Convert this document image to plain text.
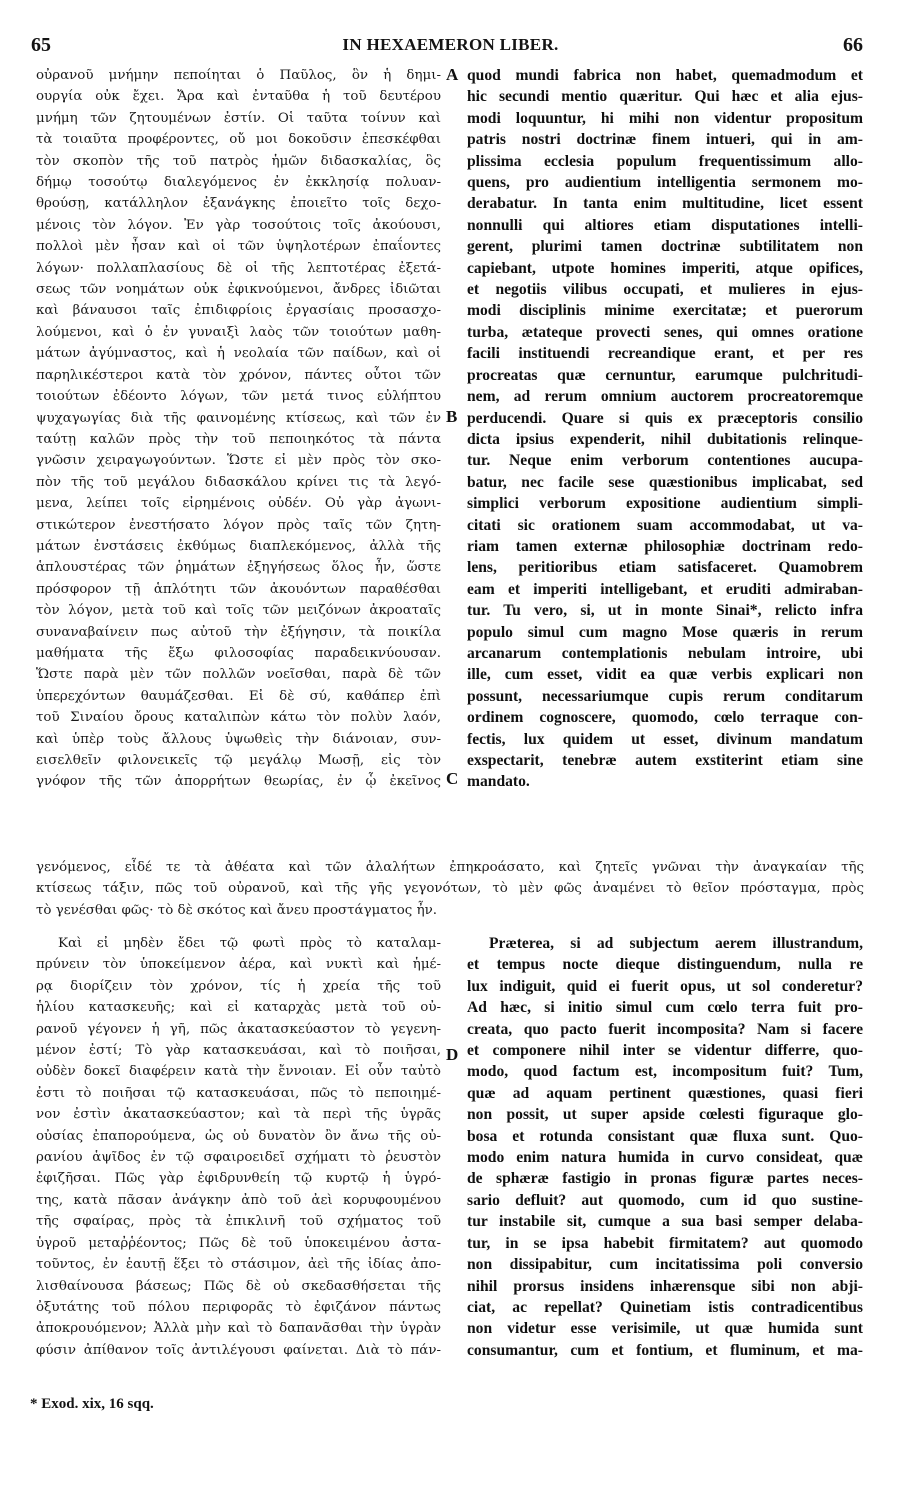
65	IN HEXAEMERON LIBER.	66
οὐρανοῦ μνήμην πεποίηται ὁ Παῦλος, ὃν ἡ δημι-
ουργία οὐκ ἔχει. Ἄρα καὶ ἐνταῦθα ἡ τοῦ δευτέρου
μνήμη τῶν ζητουμένων ἐστίν. Οἱ ταῦτα τοίνυν καὶ
τὰ τοιαῦτα προφέροντες, οὔ μοι δοκοῦσιν ἐπεσκέφθαι
τὸν σκοπὸν τῆς τοῦ πατρὸς ἡμῶν διδασκαλίας, ὃς
δήμῳ τοσούτῳ διαλεγόμενος ἐν ἐκκλησίᾳ πολυαν-
θρούσῃ, κατάλληλον ἐξανάγκης ἐποιεῖτο τοῖς δεχο-
μένοις τὸν λόγον. Ἐν γὰρ τοσούτοις τοῖς ἀκούουσι,
πολλοὶ μὲν ἦσαν καὶ οἱ τῶν ὑψηλοτέρων ἐπαΐοντες
λόγων· πολλαπλασίους δὲ οἱ τῆς λεπτοτέρας ἐξετά-
σεως τῶν νοημάτων οὐκ ἐφικνούμενοι, ἄνδρες ἰδιῶται
καὶ βάναυσοι ταῖς ἐπιδιφρίοις ἐργασίαις προσασχο-
λούμενοι, καὶ ὁ ἐν γυναιξὶ λαὸς τῶν τοιούτων μαθη-
μάτων ἀγύμναστος, καὶ ἡ νεολαία τῶν παίδων, καὶ οἱ
παρηλικέστεροι κατὰ τὸν χρόνον, πάντες οὗτοι τῶν
τοιούτων ἐδέοντο λόγων, τῶν μετά τινος εὐλήπτου
ψυχαγωγίας διὰ τῆς φαινομένης κτίσεως, καὶ τῶν ἐν
ταύτῃ καλῶν πρὸς τὴν τοῦ πεποιηκότος τὰ πάντα
γνῶσιν χειραγωγούντων. Ὥστε εἰ μὲν πρὸς τὸν σκο-
πὸν τῆς τοῦ μεγάλου διδασκάλου κρίνει τις τὰ λεγό-
μενα, λείπει τοῖς εἰρημένοις οὐδέν. Οὐ γὰρ ἀγωνι-
στικώτερον ἐνεστήσατο λόγον πρὸς ταῖς τῶν ζητη-
μάτων ἐνστάσεις ἐκθύμως διαπλεκόμενος, ἀλλὰ τῆς
ἁπλουστέρας τῶν ῥημάτων ἐξηγήσεως ὅλος ἦν, ὥστε
πρόσφορον τῇ ἁπλότητι τῶν ἀκουόντων παραθέσθαι
τὸν λόγον, μετὰ τοῦ καὶ τοῖς τῶν μειζόνων ἀκροαταῖς
συναναβαίνειν πως αὐτοῦ τὴν ἐξήγησιν, τὰ ποικίλα
μαθήματα τῆς ἔξω φιλοσοφίας παραδεικνύουσαν.
Ὥστε παρὰ μὲν τῶν πολλῶν νοεῖσθαι, παρὰ δὲ τῶν
ὑπερεχόντων θαυμάζεσθαι. Εἰ δὲ σύ, καθάπερ ἐπὶ
τοῦ Σιναίου ὄρους καταλιπὼν κάτω τὸν πολὺν λαόν,
καὶ ὑπὲρ τοὺς ἄλλους ὑψωθεὶς τὴν διάνοιαν, συν-
εισελθεῖν φιλονεικεῖς τῷ μεγάλῳ Μωσῇ, εἰς τὸν
γνόφον τῆς τῶν ἀπορρήτων θεωρίας, ἐν ᾧ ἐκεῖνος
quod mundi fabrica non habet, quemadmodum et
hic secundi mentio quæritur. Qui hæc et alia ejus-
modi loquuntur, hi mihi non videntur propositum
patris nostri doctrinæ finem intueri, qui in am-
plissima ecclesia populum frequentissimum allo-
quens, pro audientium intelligentia sermonem mo-
derabatur. In tanta enim multitudine, licet essent
nonnulli qui altiores etiam disputationes intelli-
gerent, plurimi tamen doctrinæ subtilitatem non
capiebant, utpote homines imperiti, atque opifices,
et negotiis vilibus occupati, et mulieres in ejus-
modi disciplinis minime exercitatæ; et puerorum
turba, ætateque provecti senes, qui omnes oratione
facili instituendi recreandique erant, et per res
procreatas quæ cernuntur, earumque pulchritudi-
nem, ad rerum omnium auctorem procreatoremque
perducendi. Quare si quis ex præceptoris consilio
dicta ipsius expenderit, nihil dubitationis relinque-
tur. Neque enim verborum contentiones aucupa-
batur, nec facile sese quæstionibus implicabat, sed
simplici verborum expositione audientium simpli-
citati sic orationem suam accommodabat, ut va-
riam tamen externæ philosophiæ doctrinam redo-
lens, peritioribus etiam satisfaceret. Quamobrem
eam et imperiti intelligebant, et eruditi admiraban-
tur. Tu vero, si, ut in monte Sinai*, relicto infra
populo simul cum magno Mose quæris in rerum
arcanarum contemplationis nebulam introire, ubi
ille, cum esset, vidit ea quæ verbis explicari non
possunt, necessariumque cupis rerum conditarum
ordinem cognoscere, quomodo, cœlo terraque con-
fectis, lux quidem ut esset, divinum mandatum
exspectarit, tenebræ autem exstiterint etiam sine
mandato.
A
B
C
D
γενόμενος, εἶδέ τε τὰ ἀθέατα καὶ τῶν ἀλαλήτων ἐπηκροάσατο, καὶ ζητεῖς γνῶναι τὴν ἀναγκαίαν τῆς
κτίσεως τάξιν, πῶς τοῦ οὐρανοῦ, καὶ τῆς γῆς γεγονότων, τὸ μὲν φῶς ἀναμένει τὸ θεῖον πρόσταγμα, πρὸς
τὸ γενέσθαι φῶς· τὸ δὲ σκότος καὶ ἄνευ προστάγματος ἦν.
Καὶ εἰ μηδὲν ἔδει τῷ φωτὶ πρὸς τὸ καταλαμ-
πρύνειν τὸν ὑποκείμενον ἀέρα, καὶ νυκτὶ καὶ ἡμέ-
ρᾳ διορίζειν τὸν χρόνον, τίς ἡ χρεία τῆς τοῦ
ἡλίου κατασκευῆς; καὶ εἰ καταρχὰς μετὰ τοῦ οὐ-
ρανοῦ γέγονεν ἡ γῆ, πῶς ἀκατασκεύαστον τὸ γεγενη-
μένον ἐστί; Τὸ γὰρ κατασκευάσαι, καὶ τὸ ποιῆσαι,
οὐδὲν δοκεῖ διαφέρειν κατὰ τὴν ἔννοιαν. Εἰ οὖν ταὐτὸ
ἐστι τὸ ποιῆσαι τῷ κατασκευάσαι, πῶς τὸ πεποιημέ-
νον ἐστὶν ἀκατασκεύαστον; καὶ τὰ περὶ τῆς ὑγρᾶς
οὐσίας ἐπαπορούμενα, ὡς οὐ δυνατὸν ὂν ἄνω τῆς οὐ-
ρανίου ἁψῖδος ἐν τῷ σφαιροειδεῖ σχήματι τὸ ῥευστὸν
ἐφιζῆσαι. Πῶς γὰρ ἐφιδρυνθείη τῷ κυρτῷ ἡ ὑγρό-
της, κατὰ πᾶσαν ἀνάγκην ἀπὸ τοῦ ἀεὶ κορυφουμένου
τῆς σφαίρας, πρὸς τὰ ἐπικλινῆ τοῦ σχήματος τοῦ
ὑγροῦ μεταῤῥέοντος; Πῶς δὲ τοῦ ὑποκειμένου ἀστα-
τοῦντος, ἐν ἑαυτῇ ἕξει τὸ στάσιμον, ἀεὶ τῆς ἰδίας ἀπο-
λισθαίνουσα βάσεως; Πῶς δὲ οὐ σκεδασθήσεται τῆς
ὀξυτάτης τοῦ πόλου περιφορᾶς τὸ ἐφιζάνον πάντως
ἀποκρουόμενον; Ἀλλὰ μὴν καὶ τὸ δαπανᾶσθαι τὴν ὑγρὰν
φύσιν ἀπίθανον τοῖς ἀντιλέγουσι φαίνεται. Διὰ τὸ πάν-
Præterea, si ad subjectum aerem illustrandum,
et tempus nocte dieque distinguendum, nulla re
lux indiguit, quid ei fuerit opus, ut sol conderetur?
Ad hæc, si initio simul cum cœlo terra fuit pro-
creata, quo pacto fuerit incomposita? Nam si facere
et componere nihil inter se videntur differre, quo-
modo, quod factum est, incompositum fuit? Tum,
quæ ad aquam pertinent quæstiones, quasi fieri
non possit, ut super apside cœlesti figuraque glo-
bosa et rotunda consistant quæ fluxa sunt. Quo-
modo enim natura humida in curvo consideat, quæ
de sphæræ fastigio in pronas figuræ partes neces-
sario defluit? aut quomodo, cum id quo sustine-
tur instabile sit, cumque a sua basi semper delaba-
tur, in se ipsa habebit firmitatem? aut quomodo
non dissipabitur, cum incitatissima poli conversio
nihil prorsus insidens inhærensque sibi non abji-
ciat, ac repellat? Quinetiam istis contradicentibus
non videtur esse verisimile, ut quæ humida sunt
consumantur, cum et fontium, et fluminum, et ma-
* Exod. xix, 16 sqq.
